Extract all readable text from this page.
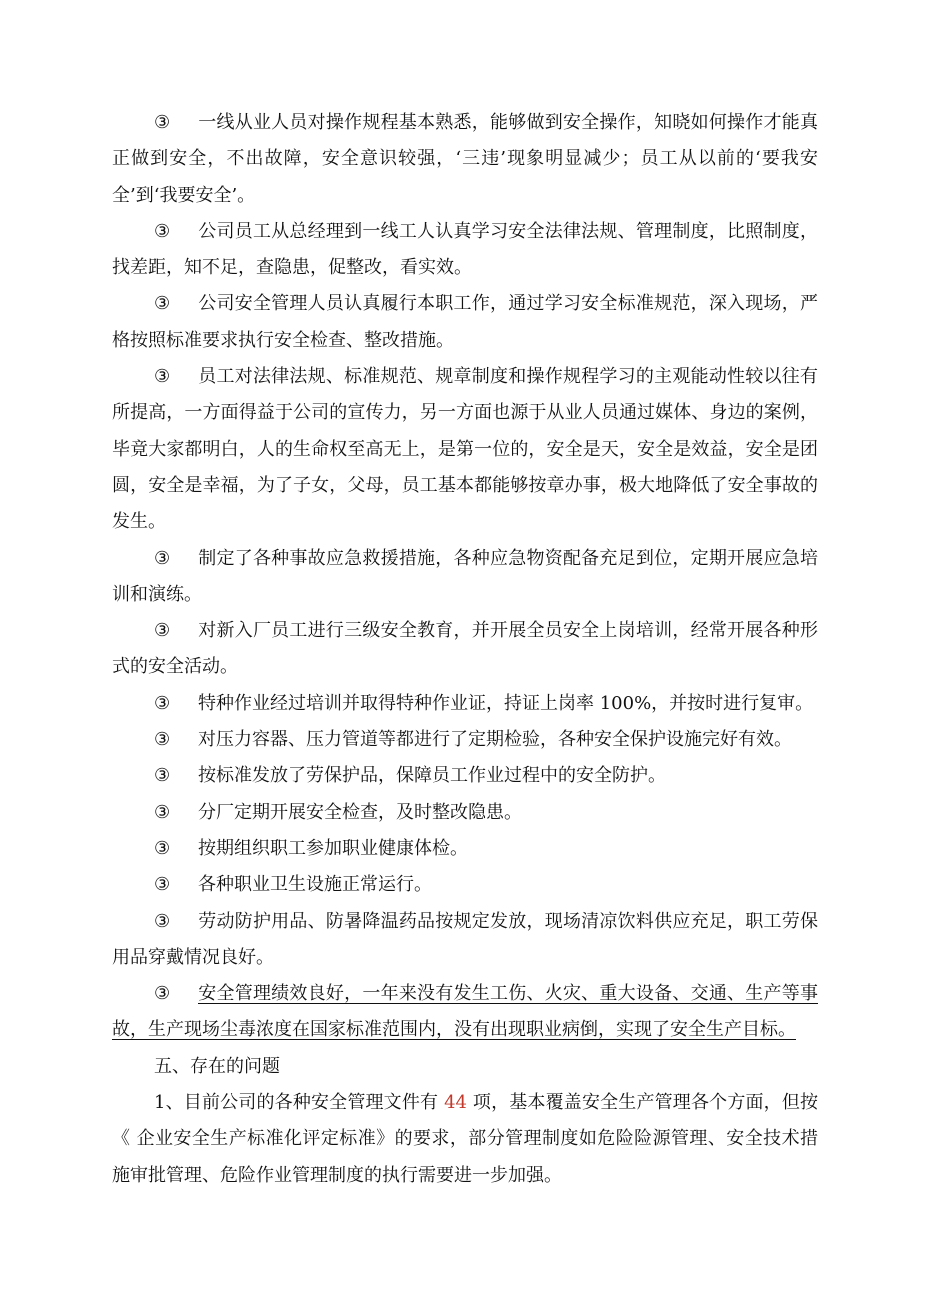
③ 一线从业人员对操作规程基本熟悉，能够做到安全操作，知晓如何操作才能真正做到安全，不出故障，安全意识较强，‘三违’现象明显减少；员工从以前的‘要我安全’到‘我要安全’。

③ 公司员工从总经理到一线工人认真学习安全法律法规、管理制度，比照制度，找差距，知不足，查隐患，促整改，看实效。

③ 公司安全管理人员认真履行本职工作，通过学习安全标准规范，深入现场，严格按照标准要求执行安全检查、整改措施。

③ 员工对法律法规、标准规范、规章制度和操作规程学习的主观能动性较以往有所提高，一方面得益于公司的宣传力，另一方面也源于从业人员通过媒体、身边的案例，毕竟大家都明白，人的生命权至高无上，是第一位的，安全是天，安全是效益，安全是团圆，安全是幸福，为了子女，父母，员工基本都能够按章办事，极大地降低了安全事故的发生。

③ 制定了各种事故应急救援措施，各种应急物资配备充足到位，定期开展应急培训和演练。

③ 对新入厂员工进行三级安全教育，并开展全员安全上岗培训，经常开展各种形式的安全活动。

③ 特种作业经过培训并取得特种作业证，持证上岗率 100%，并按时进行复审。

③ 对压力容器、压力管道等都进行了定期检验，各种安全保护设施完好有效。

③ 按标准发放了劳保护品，保障员工作业过程中的安全防护。

③ 分厂定期开展安全检查，及时整改隐患。

③ 按期组织职工参加职业健康体检。

③ 各种职业卫生设施正常运行。

③ 劳动防护用品、防暑降温药品按规定发放，现场清凉饮料供应充足，职工劳保用品穿戴情况良好。

③ 安全管理绩效良好，一年来没有发生工伤、火灾、重大设备、交通、生产等事故，生产现场尘毒浓度在国家标准范围内，没有出现职业病倒，实现了安全生产目标。

五、存在的问题

1、目前公司的各种安全管理文件有 44 项，基本覆盖安全生产管理各个方面，但按《 企业安全生产标准化评定标准》的要求，部分管理制度如危险险源管理、安全技术措施审批管理、危险作业管理制度的执行需要进一步加强。
